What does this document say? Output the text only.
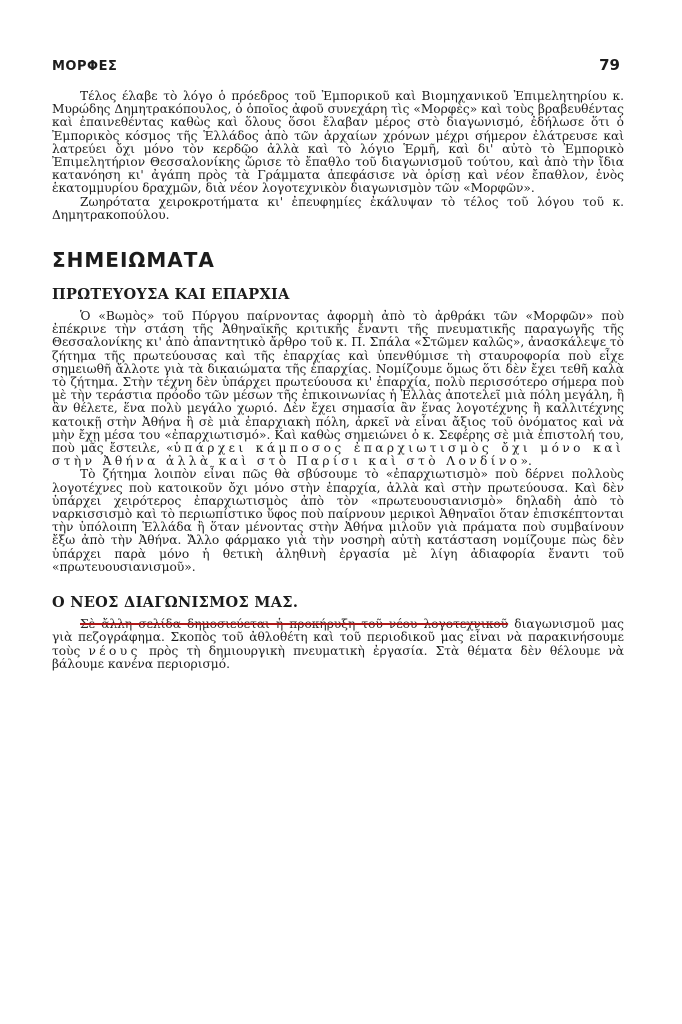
ΜΟΡΦΕΣ	79

Τέλος έλαβε τὸ λόγο ὁ πρόεδρος τοῦ Ἐμπορικοῦ καὶ Βιομηχανικοῦ Ἐπιμελητηρίου κ. Μυρώδης Δημητρακόπουλος, ὁ ὁποῖος ἀφοῦ συνεχάρη τὶς «Μορφὲς» καὶ τοὺς βραβευθέντας καὶ ἐπαινεθέντας καθὼς καὶ ὅλους ὅσοι ἔλαβαν μέρος στὸ διαγωνισμό, ἐδήλωσε ὅτι ὁ Ἐμπορικὸς κόσμος τῆς Ἑλλάδος ἀπὸ τῶν ἀρχαίων χρόνων μέχρι σήμερον ἐλάτρευσε καὶ λατρεύει ὄχι μόνο τὸν κερδῷο ἀλλὰ καὶ τὸ λόγιο Ἑρμῆ, καὶ δι' αὐτὸ τὸ Ἐμπορικὸ Ἐπιμελητήριον Θεσσαλονίκης ὥρισε τὸ ἔπαθλο τοῦ διαγωνισμοῦ τούτου, καὶ ἀπὸ τὴν ἴδια κατανόηση κι' ἀγάπη πρὸς τὰ Γράμματα ἀπεφάσισε νὰ ὁρίσῃ καὶ νέον ἔπαθλον, ἑνὸς ἑκατομμυρίου δραχμῶν, διὰ νέον λογοτεχνικὸν διαγωνισμὸν τῶν «Μορφῶν».

Ζωηρότατα χειροκροτήματα κι' ἐπευφημίες ἐκάλυψαν τὸ τέλος τοῦ λόγου τοῦ κ. Δημητρακοπούλου.

ΣΗΜΕΙΩΜΑΤΑ
ΠΡΩΤΕΥΟΥΣΑ ΚΑΙ ΕΠΑΡΧΙΑ

Ὁ «Βωμὸς» τοῦ Πύργου παίρνοντας ἀφορμὴ ἀπὸ τὸ ἀρθράκι τῶν «Μορφῶν» ποὺ ἐπέκρινε τὴν στάση τῆς Ἀθηναϊκῆς κριτικῆς ἔναντι τῆς πνευματικῆς παραγωγῆς τῆς Θεσσαλονίκης κι' ἀπὸ ἀπαντητικὸ ἄρθρο τοῦ κ. Π. Σπάλα «Στῶμεν καλῶς», ἀνασκάλεψε τὸ ζήτημα τῆς πρωτεύουσας καὶ τῆς ἐπαρχίας καὶ ὑπενθύμισε τὴ σταυροφορία ποὺ εἶχε σημειωθῆ ἄλλοτε γιὰ τὰ δικαιώματα τῆς ἐπαρχίας. Νομίζουμε ὅμως ὅτι δὲν ἔχει τεθῆ καλὰ τὸ ζήτημα. Στὴν τέχνη δὲν ὑπάρχει πρωτεύουσα κι' ἐπαρχία, πολὺ περισσότερο σήμερα ποὺ μὲ τὴν τεράστια πρόοδο τῶν μέσων τῆς ἐπικοινωνίας ἡ Ἑλλὰς ἀποτελεῖ μιὰ πόλη μεγάλη, ἢ ἂν θέλετε, ἕνα πολὺ μεγάλο χωριό. Δὲν ἔχει σημασία ἂν ἕνας λογοτέχνης ἢ καλλιτέχνης κατοικῇ στὴν Ἀθήνα ἢ σὲ μιὰ ἐπαρχιακὴ πόλη, ἀρκεῖ νὰ εἶναι ἄξιος τοῦ ὀνόματος καὶ νὰ μὴν ἔχῃ μέσα του «ἐπαρχιωτισμό». Καὶ καθὼς σημειώνει ὁ κ. Σεφέρης σὲ μιὰ ἐπιστολή του, ποὺ μᾶς ἔστειλε, «ὑπάρχει κάμποσος ἐπαρχιωτισμὸς ὄχι μόνο καὶ στὴν Ἀθήνα ἀλλὰ καὶ στὸ Παρίσι καὶ στὸ Λονδίνο».

Τὸ ζήτημα λοιπὸν εἶναι πῶς θὰ σβύσουμε τὸ «ἐπαρχιωτισμὸ» ποὺ δέρνει πολλοὺς λογοτέχνες ποὺ κατοικοῦν ὄχι μόνο στὴν ἐπαρχία, ἀλλὰ καὶ στὴν πρωτεύουσα. Καὶ δὲν ὑπάρχει χειρότερος ἐπαρχιωτισμὸς ἀπὸ τὸν «πρωτευουσιανισμὸ» δηλαδὴ ἀπὸ τὸ ναρκισσισμὸ καὶ τὸ περιωπίστικο ὕφος ποὺ παίρνουν μερικοὶ Ἀθηναῖοι ὅταν ἐπισκέπτονται τὴν ὑπόλοιπη Ἑλλάδα ἢ ὅταν μένοντας στὴν Ἀθήνα μιλοῦν γιὰ πράματα ποὺ συμβαίνουν ἔξω ἀπὸ τὴν Ἀθήνα. Ἄλλο φάρμακο γιὰ τὴν νοσηρὴ αὐτὴ κατάσταση νομίζουμε πὼς δὲν ὑπάρχει παρὰ μόνο ἡ θετικὴ ἀληθινὴ ἐργασία μὲ λίγη ἀδιαφορία ἔναντι τοῦ «πρωτευουσιανισμοῦ».

Ο ΝΕΟΣ ΔΙΑΓΩΝΙΣΜΟΣ ΜΑΣ.

Σὲ ἄλλη σελίδα δημοσιεύεται ἡ προκήρυξη τοῦ νέου λογοτεχνικοῦ διαγωνισμοῦ μας γιὰ πεζογράφημα. Σκοπὸς τοῦ ἀθλοθέτη καὶ τοῦ περιοδικοῦ μας εἶναι νὰ παρακινήσουμε τοὺς νέους πρὸς τὴ δημιουργικὴ πνευματικὴ ἐργασία. Στὰ θέματα δὲν θέλουμε νὰ βάλουμε κανένα περιορισμό.
